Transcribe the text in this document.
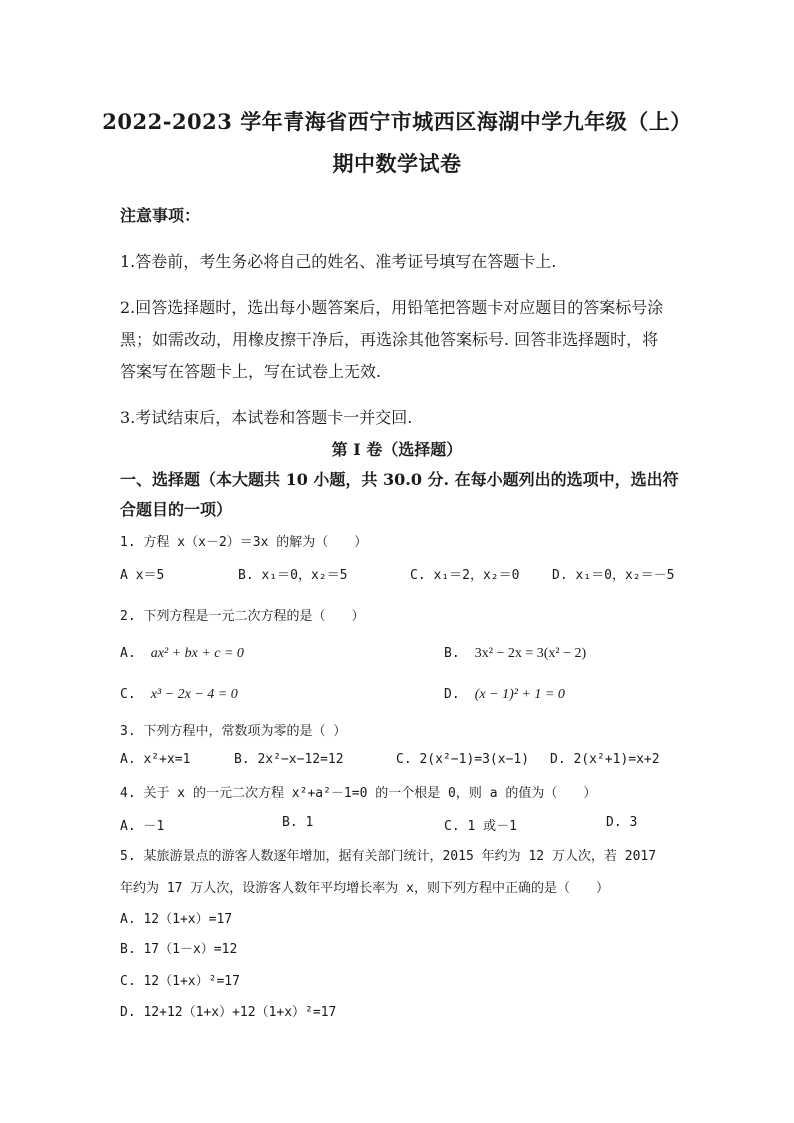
2022-2023 学年青海省西宁市城西区海湖中学九年级（上）
期中数学试卷
注意事项：
1.答卷前，考生务必将自己的姓名、准考证号填写在答题卡上.
2.回答选择题时，选出每小题答案后，用铅笔把答题卡对应题目的答案标号涂
黑；如需改动，用橡皮擦干净后，再选涂其他答案标号. 回答非选择题时，将
答案写在答题卡上，写在试卷上无效.
3.考试结束后，本试卷和答题卡一并交回.
第 I 卷（选择题）
一、选择题（本大题共 10 小题，共 30.0 分. 在每小题列出的选项中，选出符
合题目的一项）
1. 方程 x（x－2）＝3x 的解为（　　）
A x＝5	B. x₁＝0，x₂＝5	C. x₁＝2，x₂＝0	D. x₁＝0，x₂＝－5
2. 下列方程是一元二次方程的是（　　）
A. ax² + bx + c = 0	B. 3x² − 2x = 3(x² − 2)
C. x³ − 2x − 4 = 0	D. (x − 1)² + 1 = 0
3. 下列方程中，常数项为零的是（ ）
A. x²+x=1	B. 2x²−x−12=12	C. 2(x²−1)=3(x−1) D. 2(x²+1)=x+2
4. 关于 x 的一元二次方程 x²+a²－1=0 的一个根是 0，则 a 的值为（　　）
A. －1	B. 1	C. 1 或－1	D. 3
5. 某旅游景点的游客人数逐年增加，据有关部门统计，2015 年约为 12 万人次，若 2017
年约为 17 万人次，设游客人数年平均增长率为 x，则下列方程中正确的是（　　）
A. 12（1+x）=17
B. 17（1－x）=12
C. 12（1+x）²=17
D. 12+12（1+x）+12（1+x）²=17
